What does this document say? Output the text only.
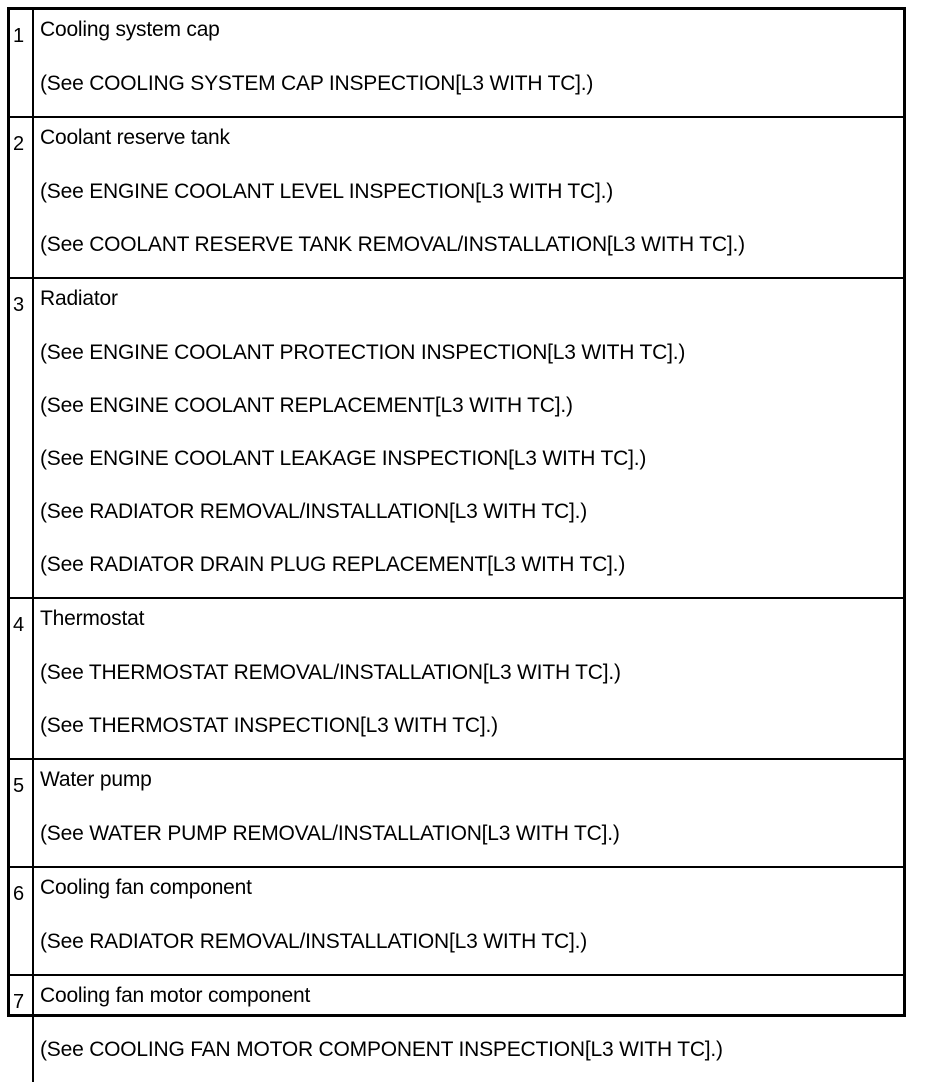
1 Cooling system cap
(See COOLING SYSTEM CAP INSPECTION[L3 WITH TC].)
2 Coolant reserve tank
(See ENGINE COOLANT LEVEL INSPECTION[L3 WITH TC].)
(See COOLANT RESERVE TANK REMOVAL/INSTALLATION[L3 WITH TC].)
3 Radiator
(See ENGINE COOLANT PROTECTION INSPECTION[L3 WITH TC].)
(See ENGINE COOLANT REPLACEMENT[L3 WITH TC].)
(See ENGINE COOLANT LEAKAGE INSPECTION[L3 WITH TC].)
(See RADIATOR REMOVAL/INSTALLATION[L3 WITH TC].)
(See RADIATOR DRAIN PLUG REPLACEMENT[L3 WITH TC].)
4 Thermostat
(See THERMOSTAT REMOVAL/INSTALLATION[L3 WITH TC].)
(See THERMOSTAT INSPECTION[L3 WITH TC].)
5 Water pump
(See WATER PUMP REMOVAL/INSTALLATION[L3 WITH TC].)
6 Cooling fan component
(See RADIATOR REMOVAL/INSTALLATION[L3 WITH TC].)
7 Cooling fan motor component
(See COOLING FAN MOTOR COMPONENT INSPECTION[L3 WITH TC].)
